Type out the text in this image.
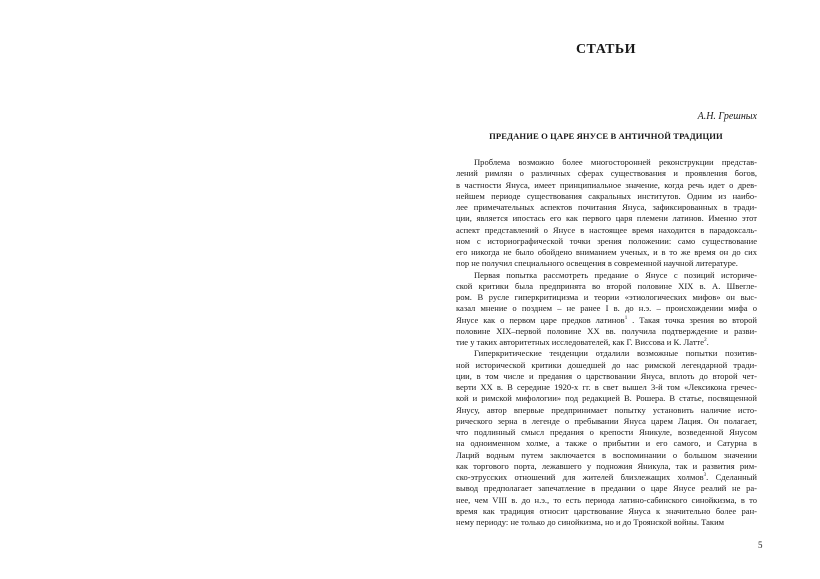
СТАТЬИ
А.Н. Грешных
ПРЕДАНИЕ О ЦАРЕ ЯНУСЕ В АНТИЧНОЙ ТРАДИЦИИ
Проблема возможно более многосторонней реконструкции представ-
лений римлян о различных сферах существования и проявления богов,
в частности Януса, имеет принципиальное значение, когда речь идет о древ-
нейшем периоде существования сакральных институтов. Одним из наибо-
лее примечательных аспектов почитания Януса, зафиксированных в тради-
ции, является ипостась его как первого царя племени латинов. Именно этот
аспект представлений о Янусе в настоящее время находится в парадоксаль-
ном с историографической точки зрения положении: само существование
его никогда не было обойдено вниманием ученых, и в то же время он до сих
пор не получил специального освещения в современной научной литературе.
Первая попытка рассмотреть предание о Янусе с позиций историче-
ской критики была предпринята во второй половине XIX в. А. Швегле-
ром. В русле гиперкритицизма и теории «этиологических мифов» он выс-
казал мнение о позднем – не ранее I в. до н.э. – происхождении мифа о
Янусе как о первом царе предков латинов$^1$ . Такая точка зрения во второй
половине XIX–первой половине XX вв. получила подтверждение и разви-
тие у таких авторитетных исследователей, как Г. Виссова и К. Латте$^2$.
Гиперкритические тенденции отдалили возможные попытки позитив-
ной исторической критики дошедшей до нас римской легендарной тради-
ции, в том числе и предания о царствовании Януса, вплоть до второй чет-
верти XX в. В середине 1920-х гг. в свет вышел 3-й том «Лексикона гречес-
кой и римской мифологии» под редакцией В. Рошера. В статье, посвященной
Янусу, автор впервые предпринимает попытку установить наличие исто-
рического зерна в легенде о пребывании Януса царем Лация. Он полагает,
что подлинный смысл предания о крепости Яникуле, возведенной Янусом
на одноименном холме, а также о прибытии и его самого, и Сатурна в
Лаций водным путем заключается в воспоминании о большом значении
как торгового порта, лежавшего у подножия Яникула, так и развития рим-
ско-этрусских отношений для жителей близлежащих холмов$^3$. Сделанный
вывод предполагает запечатление в предании о царе Янусе реалий не ра-
нее, чем VIII в. до н.э., то есть периода латино-сабинского синойкизма, в то
время как традиция относит царствование Януса к значительно более ран-
нему периоду: не только до синойкизма, но и до Троянской войны. Таким
5
